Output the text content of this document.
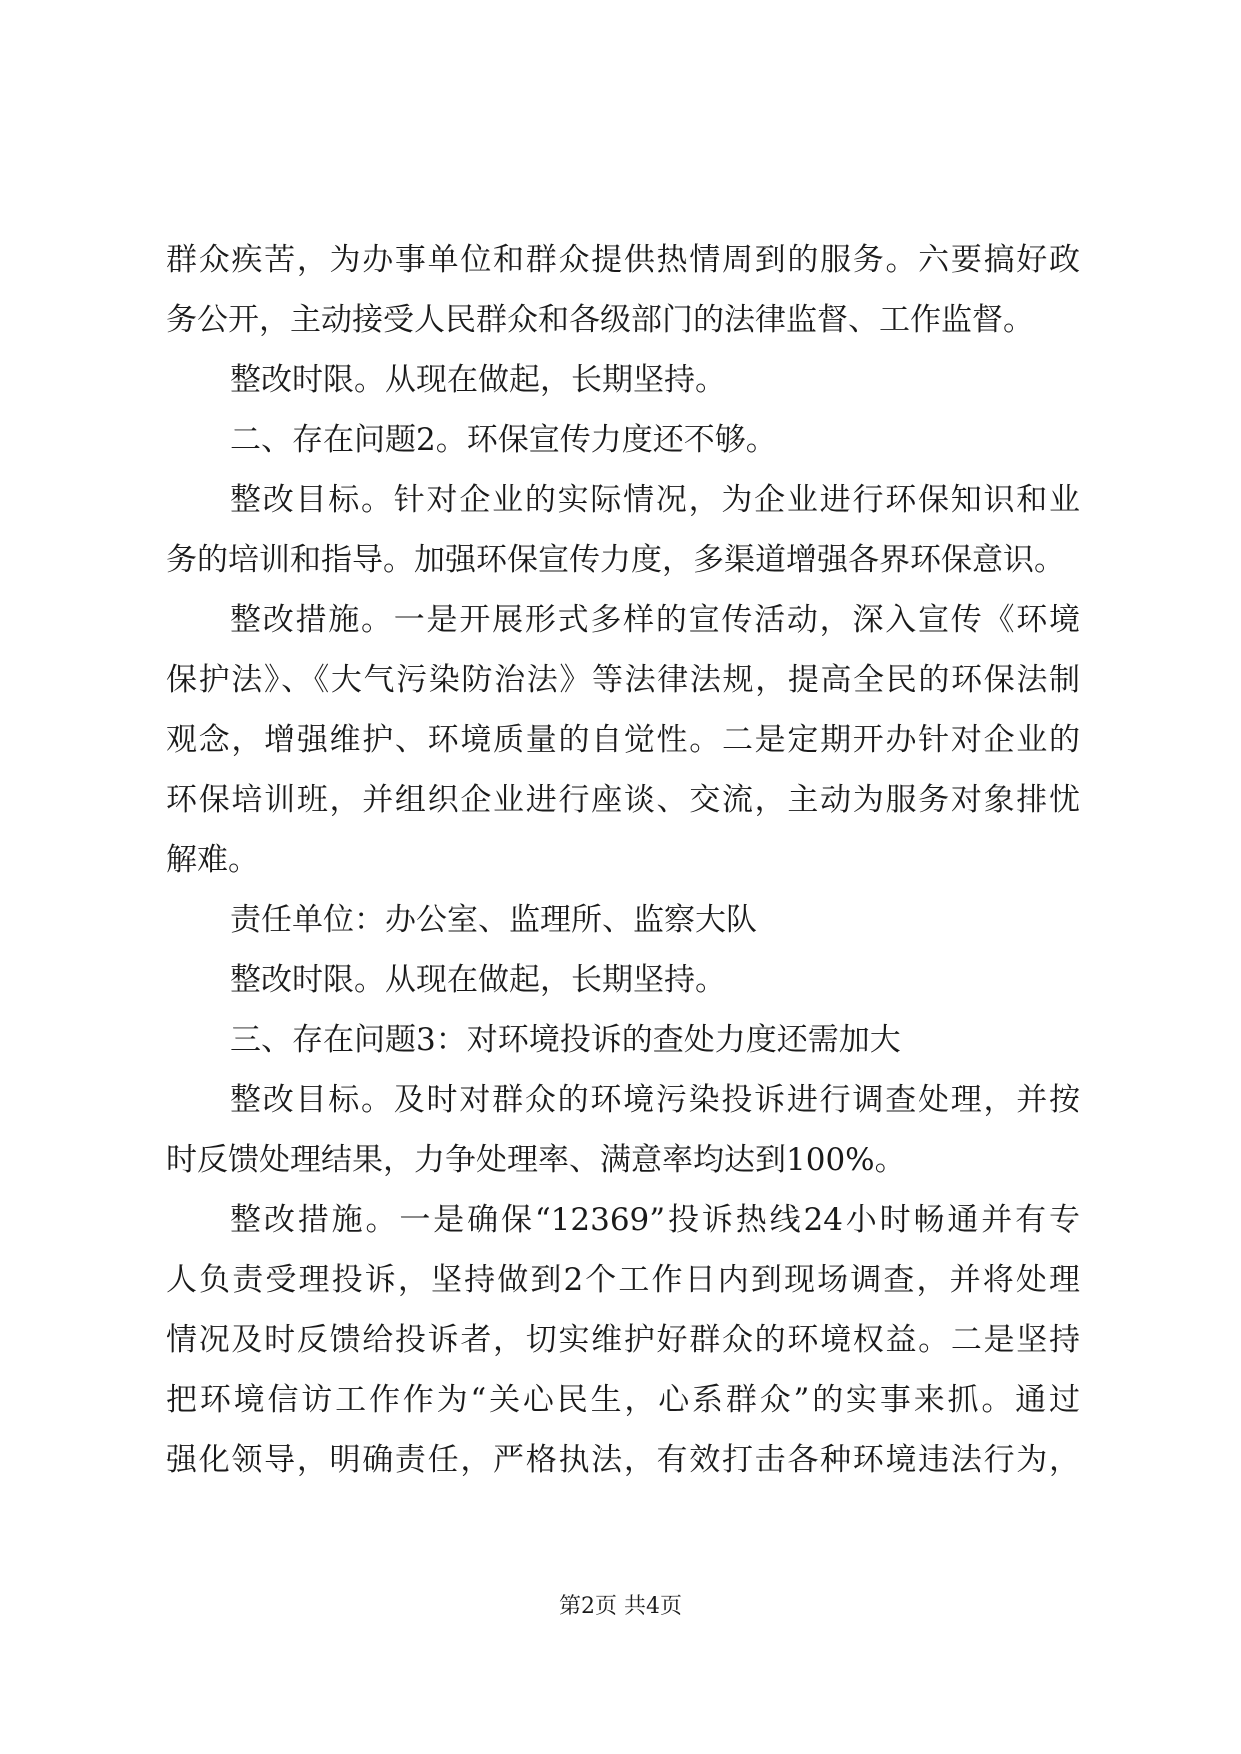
群众疾苦，为办事单位和群众提供热情周到的服务。六要搞好政
务公开，主动接受人民群众和各级部门的法律监督、工作监督。
整改时限。从现在做起，长期坚持。
二、存在问题2。环保宣传力度还不够。
整改目标。针对企业的实际情况，为企业进行环保知识和业
务的培训和指导。加强环保宣传力度，多渠道增强各界环保意识。
整改措施。一是开展形式多样的宣传活动，深入宣传《环境
保护法》、《大气污染防治法》等法律法规，提高全民的环保法制
观念，增强维护、环境质量的自觉性。二是定期开办针对企业的
环保培训班，并组织企业进行座谈、交流，主动为服务对象排忧
解难。
责任单位：办公室、监理所、监察大队
整改时限。从现在做起，长期坚持。
三、存在问题3：对环境投诉的查处力度还需加大
整改目标。及时对群众的环境污染投诉进行调查处理，并按
时反馈处理结果，力争处理率、满意率均达到100%。
整改措施。一是确保“12369”投诉热线24小时畅通并有专
人负责受理投诉，坚持做到2个工作日内到现场调查，并将处理
情况及时反馈给投诉者，切实维护好群众的环境权益。二是坚持
把环境信访工作作为“关心民生，心系群众”的实事来抓。通过
强化领导，明确责任，严格执法，有效打击各种环境违法行为，
第2页 共4页
